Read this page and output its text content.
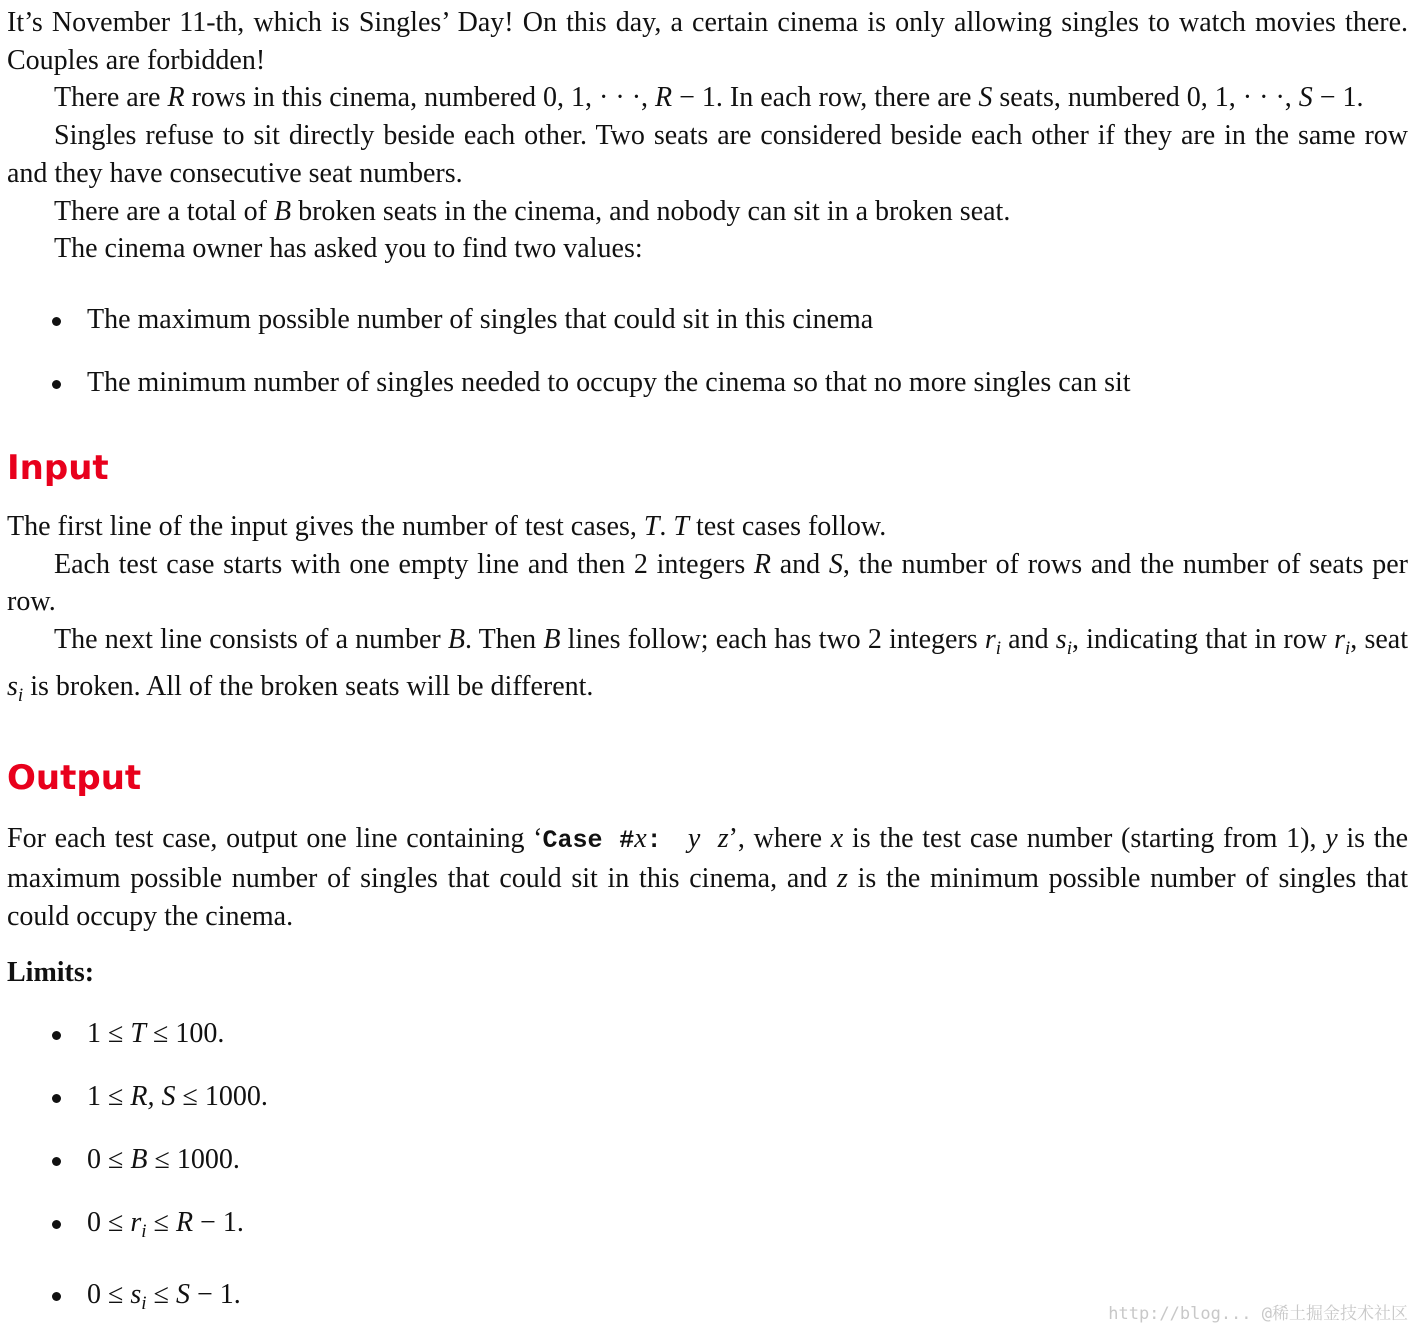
It’s November 11-th, which is Singles’ Day! On this day, a certain cinema is only allowing singles to watch movies there. Couples are forbidden!

There are R rows in this cinema, numbered 0, 1, · · ·, R − 1. In each row, there are S seats, numbered 0, 1, · · ·, S − 1.

Singles refuse to sit directly beside each other. Two seats are considered beside each other if they are in the same row and they have consecutive seat numbers.

There are a total of B broken seats in the cinema, and nobody can sit in a broken seat.

The cinema owner has asked you to find two values:

The maximum possible number of singles that could sit in this cinema
The minimum number of singles needed to occupy the cinema so that no more singles can sit
Input

The first line of the input gives the number of test cases, T. T test cases follow.

Each test case starts with one empty line and then 2 integers R and S, the number of rows and the number of seats per row.

The next line consists of a number B. Then B lines follow; each has two 2 integers $r_i$ and $s_i$, indicating that in row $r_i$, seat $s_i$ is broken. All of the broken seats will be different.

Output

For each test case, output one line containing ‘Case #x: y z’, where x is the test case number (starting from 1), y is the maximum possible number of singles that could sit in this cinema, and z is the minimum possible number of singles that could occupy the cinema.

Limits:

1 ≤ T ≤ 100.
1 ≤ R, S ≤ 1000.
0 ≤ B ≤ 1000.
$0 \le r_i \le R - 1$.
$0 \le s_i \le S - 1$.
http://blog... @稀土掘金技术社区
